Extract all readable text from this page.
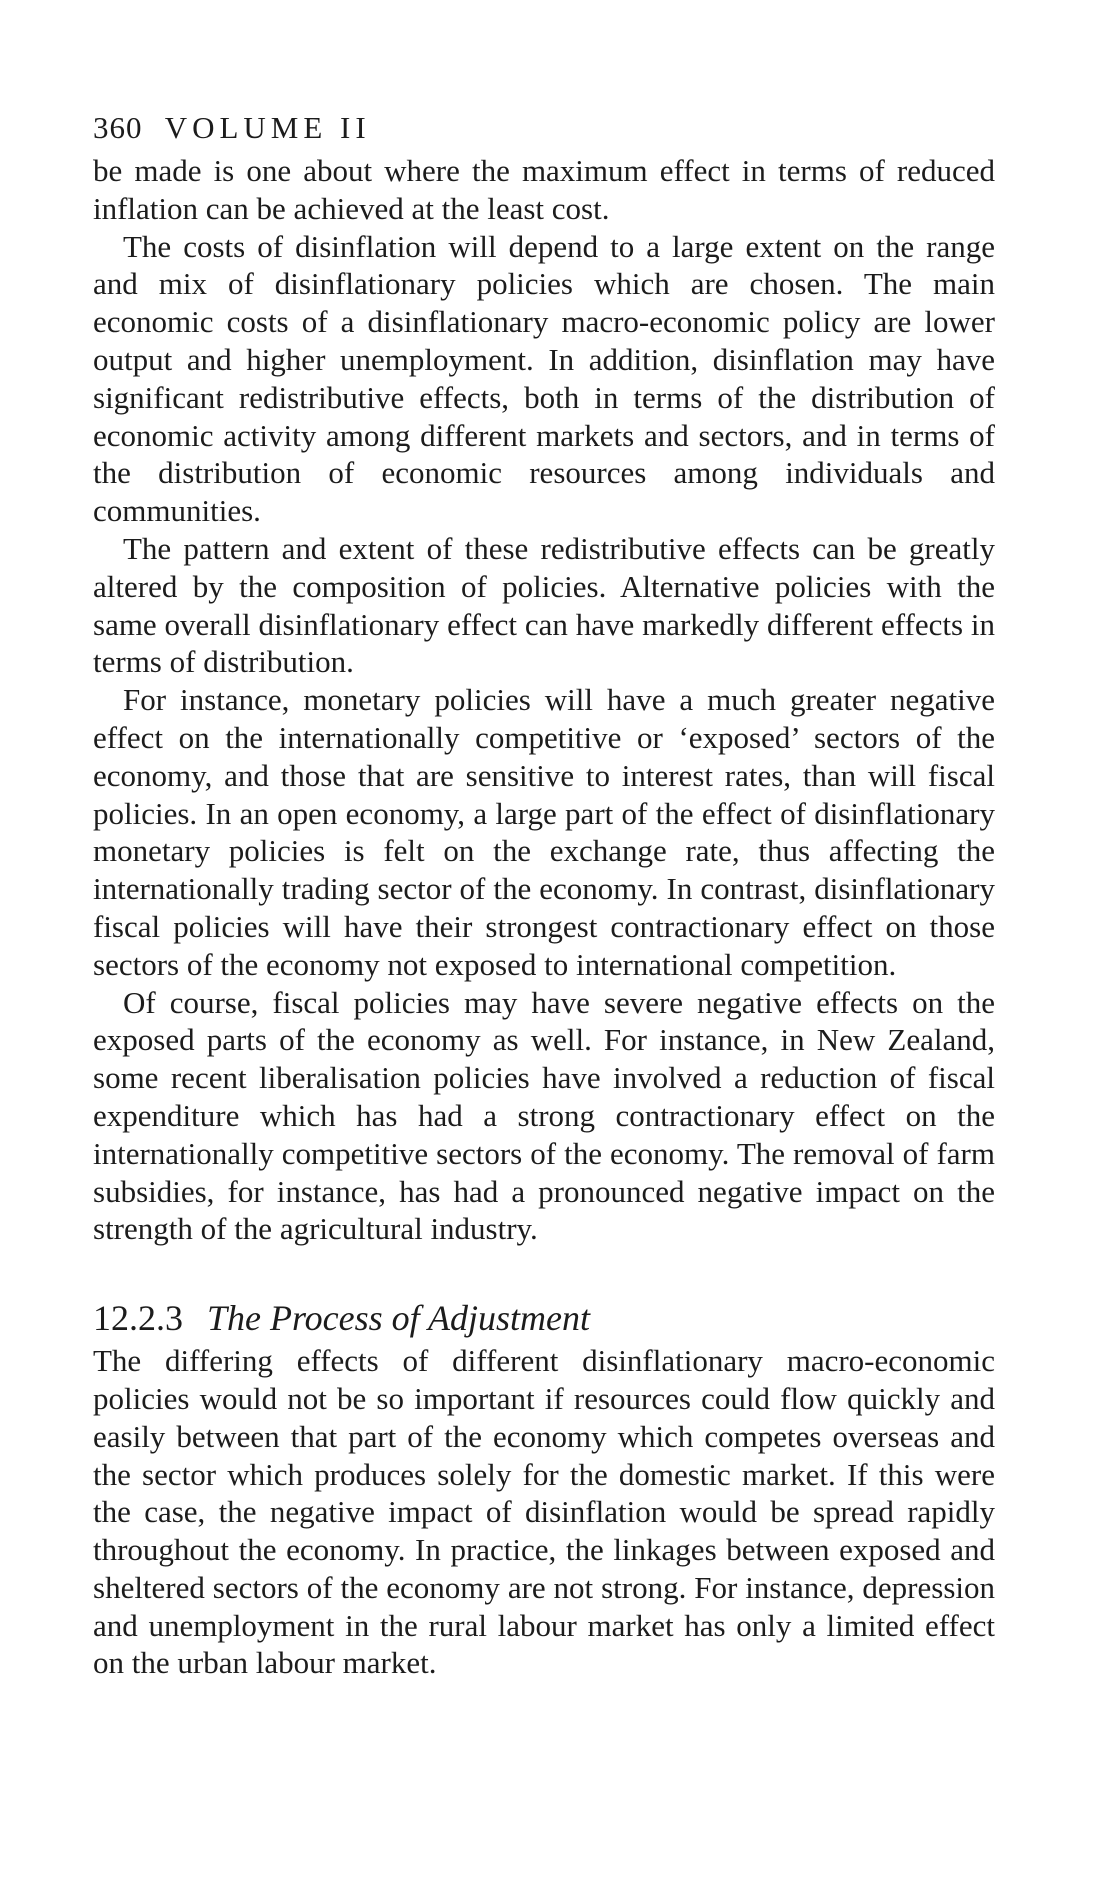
360 VOLUME II

be made is one about where the maximum effect in terms of reduced inflation can be achieved at the least cost.

The costs of disinflation will depend to a large extent on the range and mix of disinflationary policies which are chosen. The main economic costs of a disinflationary macro-economic policy are lower output and higher unemployment. In addition, disinflation may have significant redistributive effects, both in terms of the distribution of economic activity among different markets and sectors, and in terms of the distribution of economic resources among individuals and communities.

The pattern and extent of these redistributive effects can be greatly altered by the composition of policies. Alternative policies with the same overall disinflationary effect can have markedly different effects in terms of distribution.

For instance, monetary policies will have a much greater negative effect on the internationally competitive or ‘exposed’ sectors of the economy, and those that are sensitive to interest rates, than will fiscal policies. In an open economy, a large part of the effect of disinflationary monetary policies is felt on the exchange rate, thus affecting the internationally trading sector of the economy. In contrast, disinflationary fiscal policies will have their strongest contractionary effect on those sectors of the economy not exposed to international competition.

Of course, fiscal policies may have severe negative effects on the exposed parts of the economy as well. For instance, in New Zealand, some recent liberalisation policies have involved a reduction of fiscal expenditure which has had a strong contractionary effect on the internationally competitive sectors of the economy. The removal of farm subsidies, for instance, has had a pronounced negative impact on the strength of the agricultural industry.

12.2.3 The Process of Adjustment

The differing effects of different disinflationary macro-economic policies would not be so important if resources could flow quickly and easily between that part of the economy which competes overseas and the sector which produces solely for the domestic market. If this were the case, the negative impact of disinflation would be spread rapidly throughout the economy. In practice, the linkages between exposed and sheltered sectors of the economy are not strong. For instance, depression and unemployment in the rural labour market has only a limited effect on the urban labour market.
